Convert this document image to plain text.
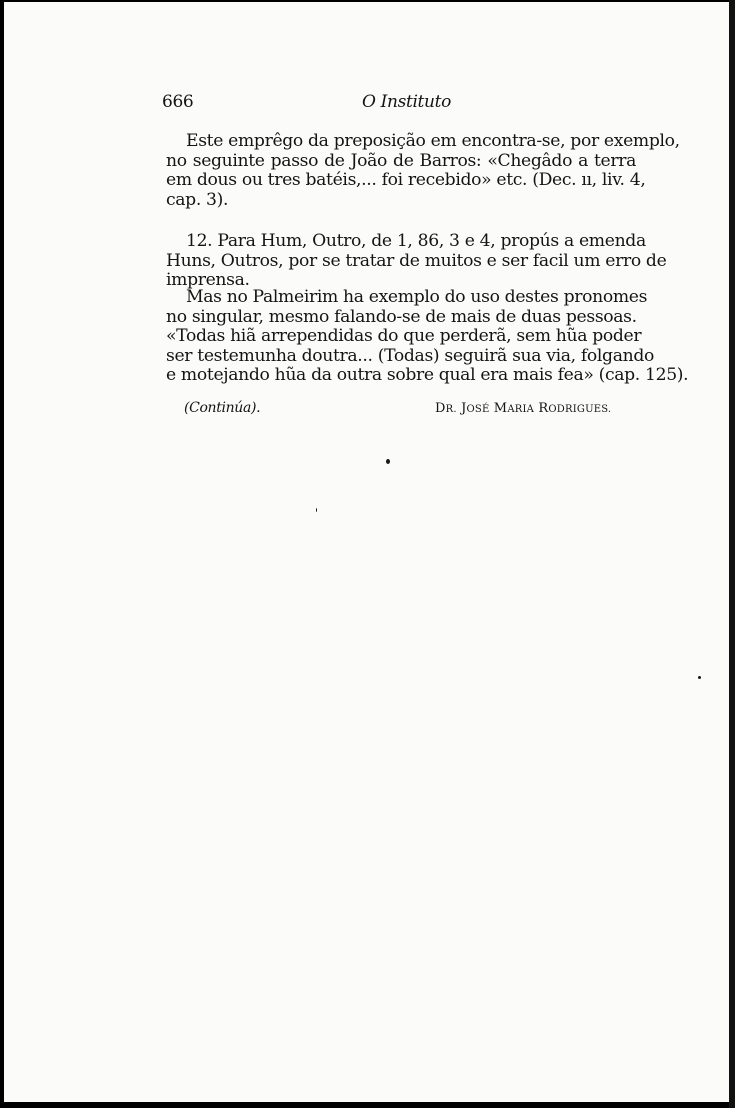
666	O Instituto

Este emprêgo da preposição em encontra-se, por exemplo,
no seguinte passo de João de Barros: «Chegâdo a terra
em dous ou tres batéis,... foi recebido» etc. (Dec. ıı, liv. 4,
cap. 3).

12. Para Hum, Outro, de 1, 86, 3 e 4, propús a emenda
Huns, Outros, por se tratar de muitos e ser facil um erro de
imprensa.

Mas no Palmeirim ha exemplo do uso destes pronomes
no singular, mesmo falando-se de mais de duas pessoas.
«Todas hiã arrependidas do que perderã, sem hũa poder
ser testemunha doutra... (Todas) seguirã sua via, folgando
e motejando hũa da outra sobre qual era mais fea» (cap. 125).

(Continúa).	DR. JOSÉ MARIA RODRIGUES.
